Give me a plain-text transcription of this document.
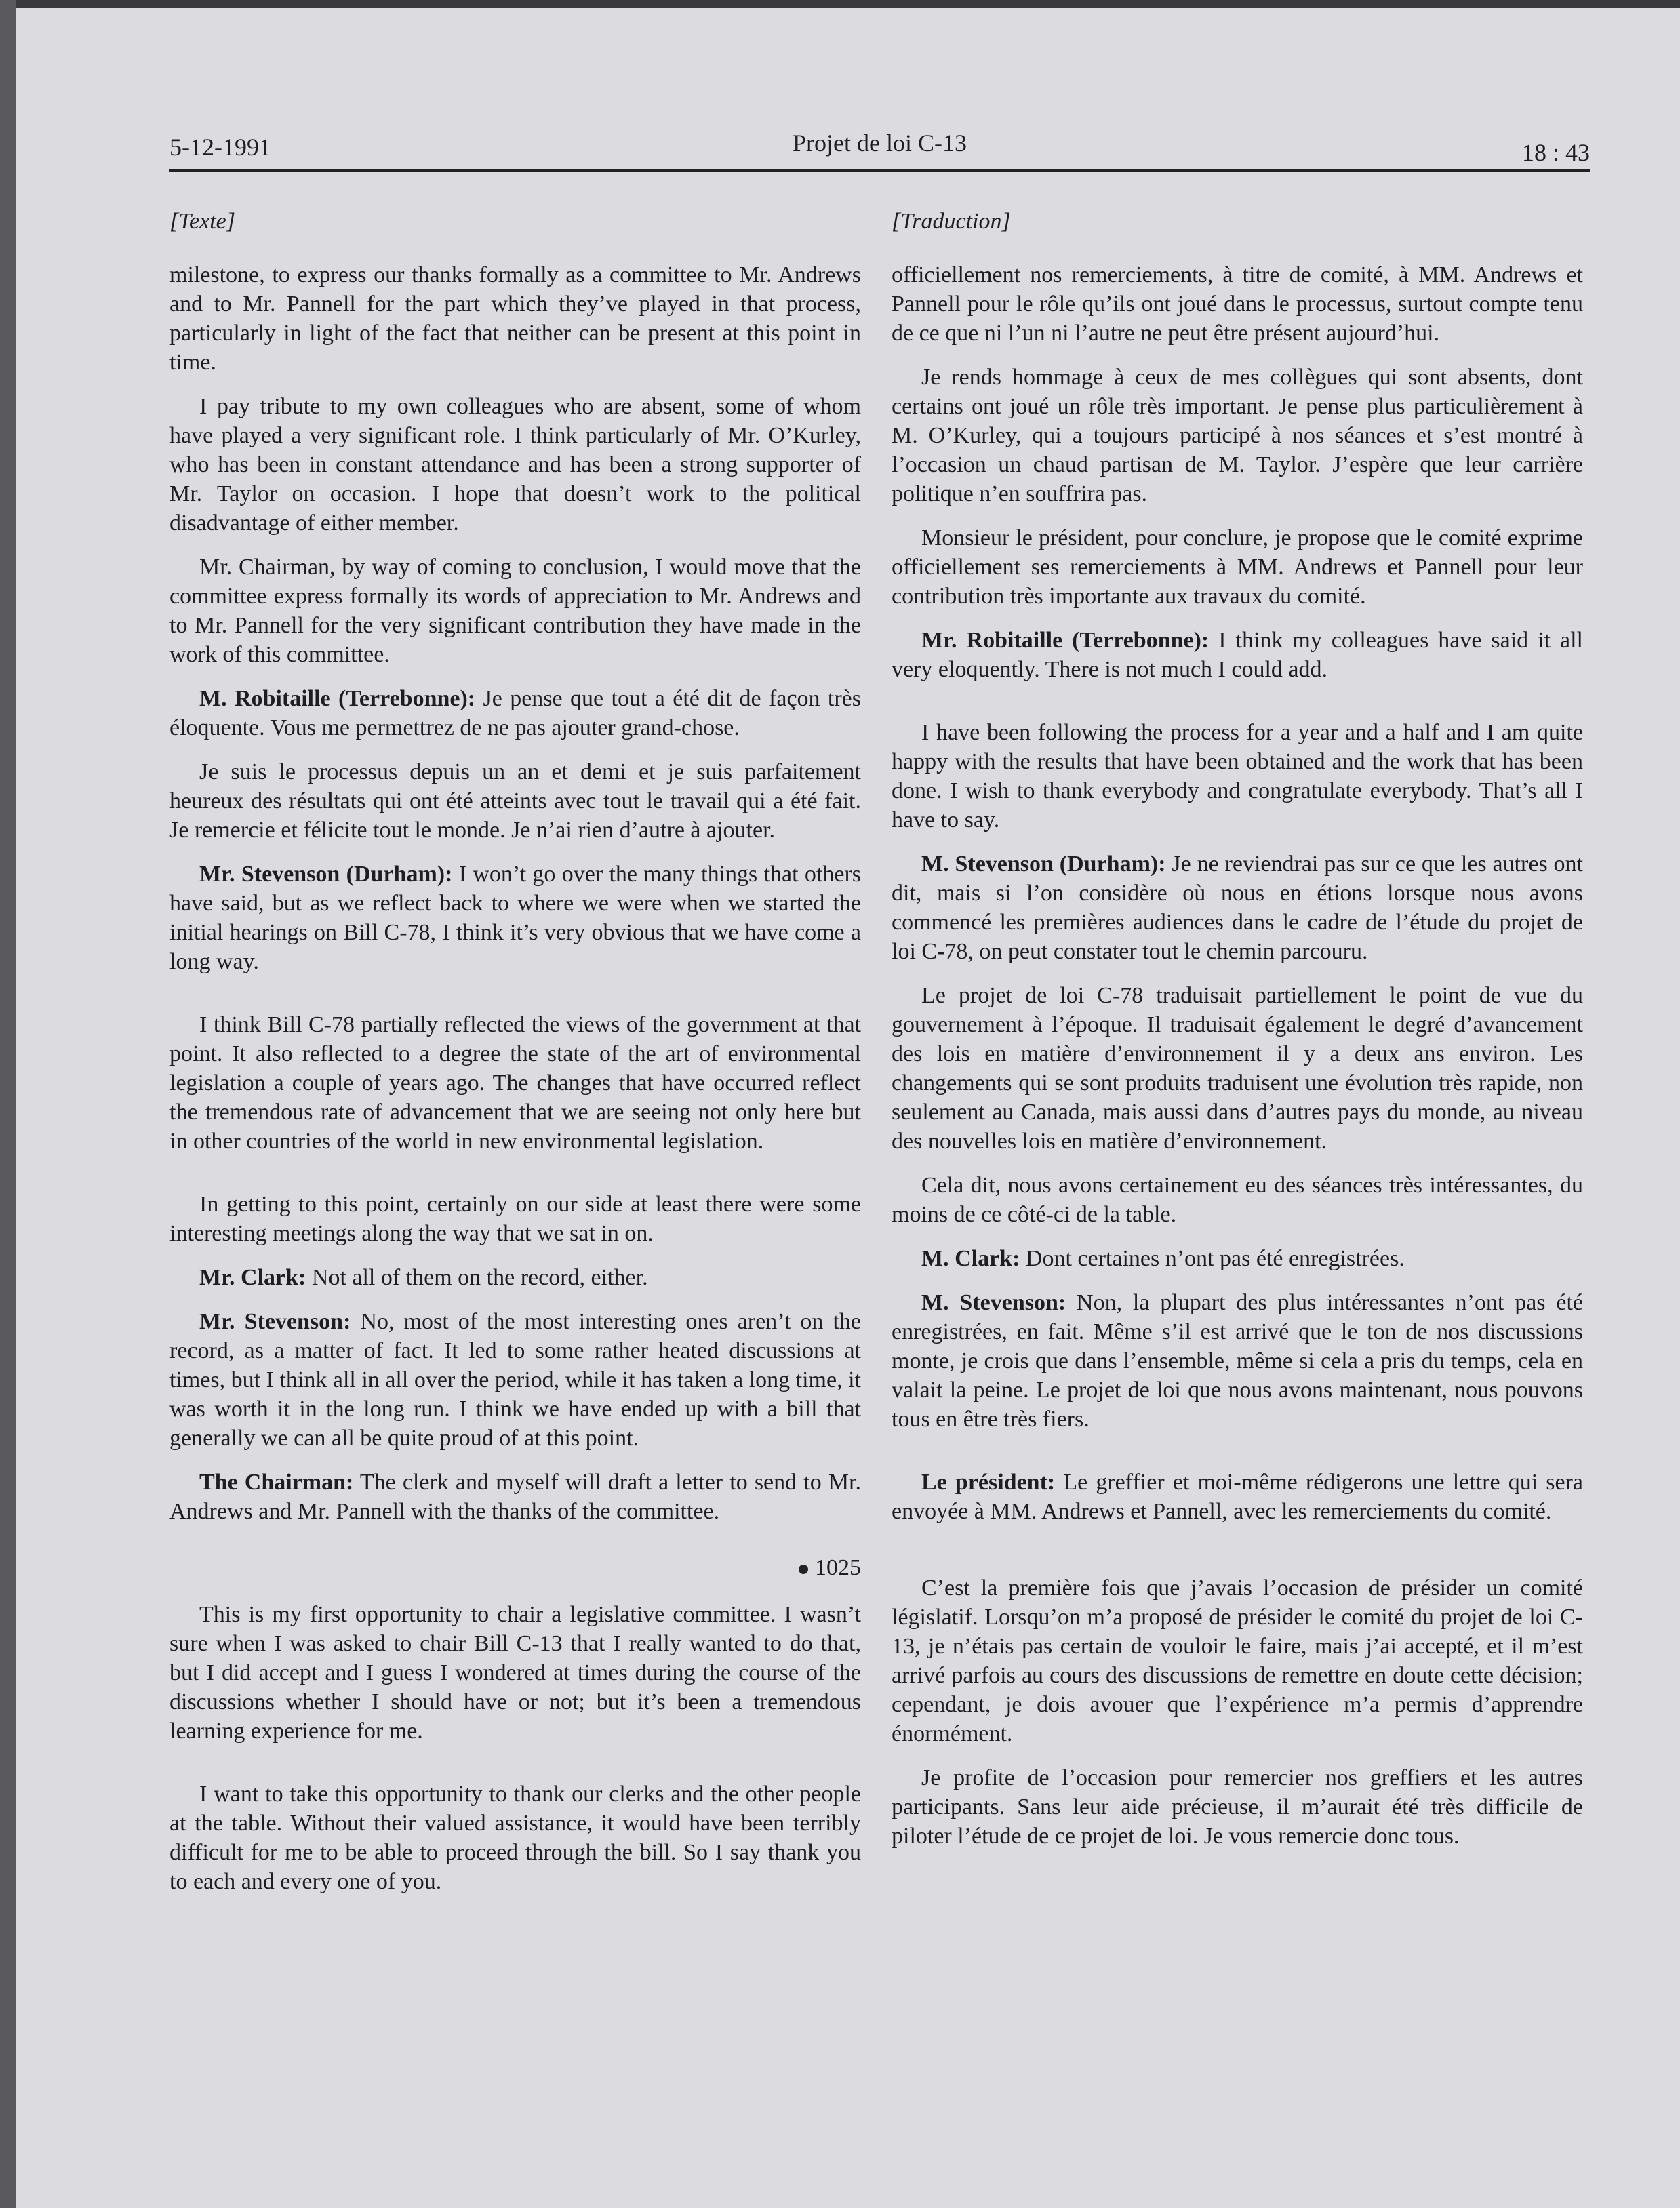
5-12-1991	Projet de loi C-13	18 : 43
[Texte]

milestone, to express our thanks formally as a committee to Mr. Andrews and to Mr. Pannell for the part which they’ve played in that process, particularly in light of the fact that neither can be present at this point in time.

I pay tribute to my own colleagues who are absent, some of whom have played a very significant role. I think particularly of Mr. O’Kurley, who has been in constant attendance and has been a strong supporter of Mr. Taylor on occasion. I hope that doesn’t work to the political disadvantage of either member.

Mr. Chairman, by way of coming to conclusion, I would move that the committee express formally its words of appreciation to Mr. Andrews and to Mr. Pannell for the very significant contribution they have made in the work of this committee.

M. Robitaille (Terrebonne): Je pense que tout a été dit de façon très éloquente. Vous me permettrez de ne pas ajouter grand-chose.

Je suis le processus depuis un an et demi et je suis parfaitement heureux des résultats qui ont été atteints avec tout le travail qui a été fait. Je remercie et félicite tout le monde. Je n’ai rien d’autre à ajouter.

Mr. Stevenson (Durham): I won’t go over the many things that others have said, but as we reflect back to where we were when we started the initial hearings on Bill C-78, I think it’s very obvious that we have come a long way.

I think Bill C-78 partially reflected the views of the government at that point. It also reflected to a degree the state of the art of environmental legislation a couple of years ago. The changes that have occurred reflect the tremendous rate of advancement that we are seeing not only here but in other countries of the world in new environmental legislation.

In getting to this point, certainly on our side at least there were some interesting meetings along the way that we sat in on.

Mr. Clark: Not all of them on the record, either.

Mr. Stevenson: No, most of the most interesting ones aren’t on the record, as a matter of fact. It led to some rather heated discussions at times, but I think all in all over the period, while it has taken a long time, it was worth it in the long run. I think we have ended up with a bill that generally we can all be quite proud of at this point.

The Chairman: The clerk and myself will draft a letter to send to Mr. Andrews and Mr. Pannell with the thanks of the committee.

1025

This is my first opportunity to chair a legislative committee. I wasn’t sure when I was asked to chair Bill C-13 that I really wanted to do that, but I did accept and I guess I wondered at times during the course of the discussions whether I should have or not; but it’s been a tremendous learning experience for me.

I want to take this opportunity to thank our clerks and the other people at the table. Without their valued assistance, it would have been terribly difficult for me to be able to proceed through the bill. So I say thank you to each and every one of you.

[Traduction]

officiellement nos remerciements, à titre de comité, à MM. Andrews et Pannell pour le rôle qu’ils ont joué dans le processus, surtout compte tenu de ce que ni l’un ni l’autre ne peut être présent aujourd’hui.

Je rends hommage à ceux de mes collègues qui sont absents, dont certains ont joué un rôle très important. Je pense plus particulièrement à M. O’Kurley, qui a toujours participé à nos séances et s’est montré à l’occasion un chaud partisan de M. Taylor. J’espère que leur carrière politique n’en souffrira pas.

Monsieur le président, pour conclure, je propose que le comité exprime officiellement ses remerciements à MM. Andrews et Pannell pour leur contribution très importante aux travaux du comité.

Mr. Robitaille (Terrebonne): I think my colleagues have said it all very eloquently. There is not much I could add.

I have been following the process for a year and a half and I am quite happy with the results that have been obtained and the work that has been done. I wish to thank everybody and congratulate everybody. That’s all I have to say.

M. Stevenson (Durham): Je ne reviendrai pas sur ce que les autres ont dit, mais si l’on considère où nous en étions lorsque nous avons commencé les premières audiences dans le cadre de l’étude du projet de loi C-78, on peut constater tout le chemin parcouru.

Le projet de loi C-78 traduisait partiellement le point de vue du gouvernement à l’époque. Il traduisait également le degré d’avancement des lois en matière d’environnement il y a deux ans environ. Les changements qui se sont produits traduisent une évolution très rapide, non seulement au Canada, mais aussi dans d’autres pays du monde, au niveau des nouvelles lois en matière d’environnement.

Cela dit, nous avons certainement eu des séances très intéressantes, du moins de ce côté-ci de la table.

M. Clark: Dont certaines n’ont pas été enregistrées.

M. Stevenson: Non, la plupart des plus intéressantes n’ont pas été enregistrées, en fait. Même s’il est arrivé que le ton de nos discussions monte, je crois que dans l’ensemble, même si cela a pris du temps, cela en valait la peine. Le projet de loi que nous avons maintenant, nous pouvons tous en être très fiers.

Le président: Le greffier et moi-même rédigerons une lettre qui sera envoyée à MM. Andrews et Pannell, avec les remerciements du comité.

C’est la première fois que j’avais l’occasion de présider un comité législatif. Lorsqu’on m’a proposé de présider le comité du projet de loi C-13, je n’étais pas certain de vouloir le faire, mais j’ai accepté, et il m’est arrivé parfois au cours des discussions de remettre en doute cette décision; cependant, je dois avouer que l’expérience m’a permis d’apprendre énormément.

Je profite de l’occasion pour remercier nos greffiers et les autres participants. Sans leur aide précieuse, il m’aurait été très difficile de piloter l’étude de ce projet de loi. Je vous remercie donc tous.
